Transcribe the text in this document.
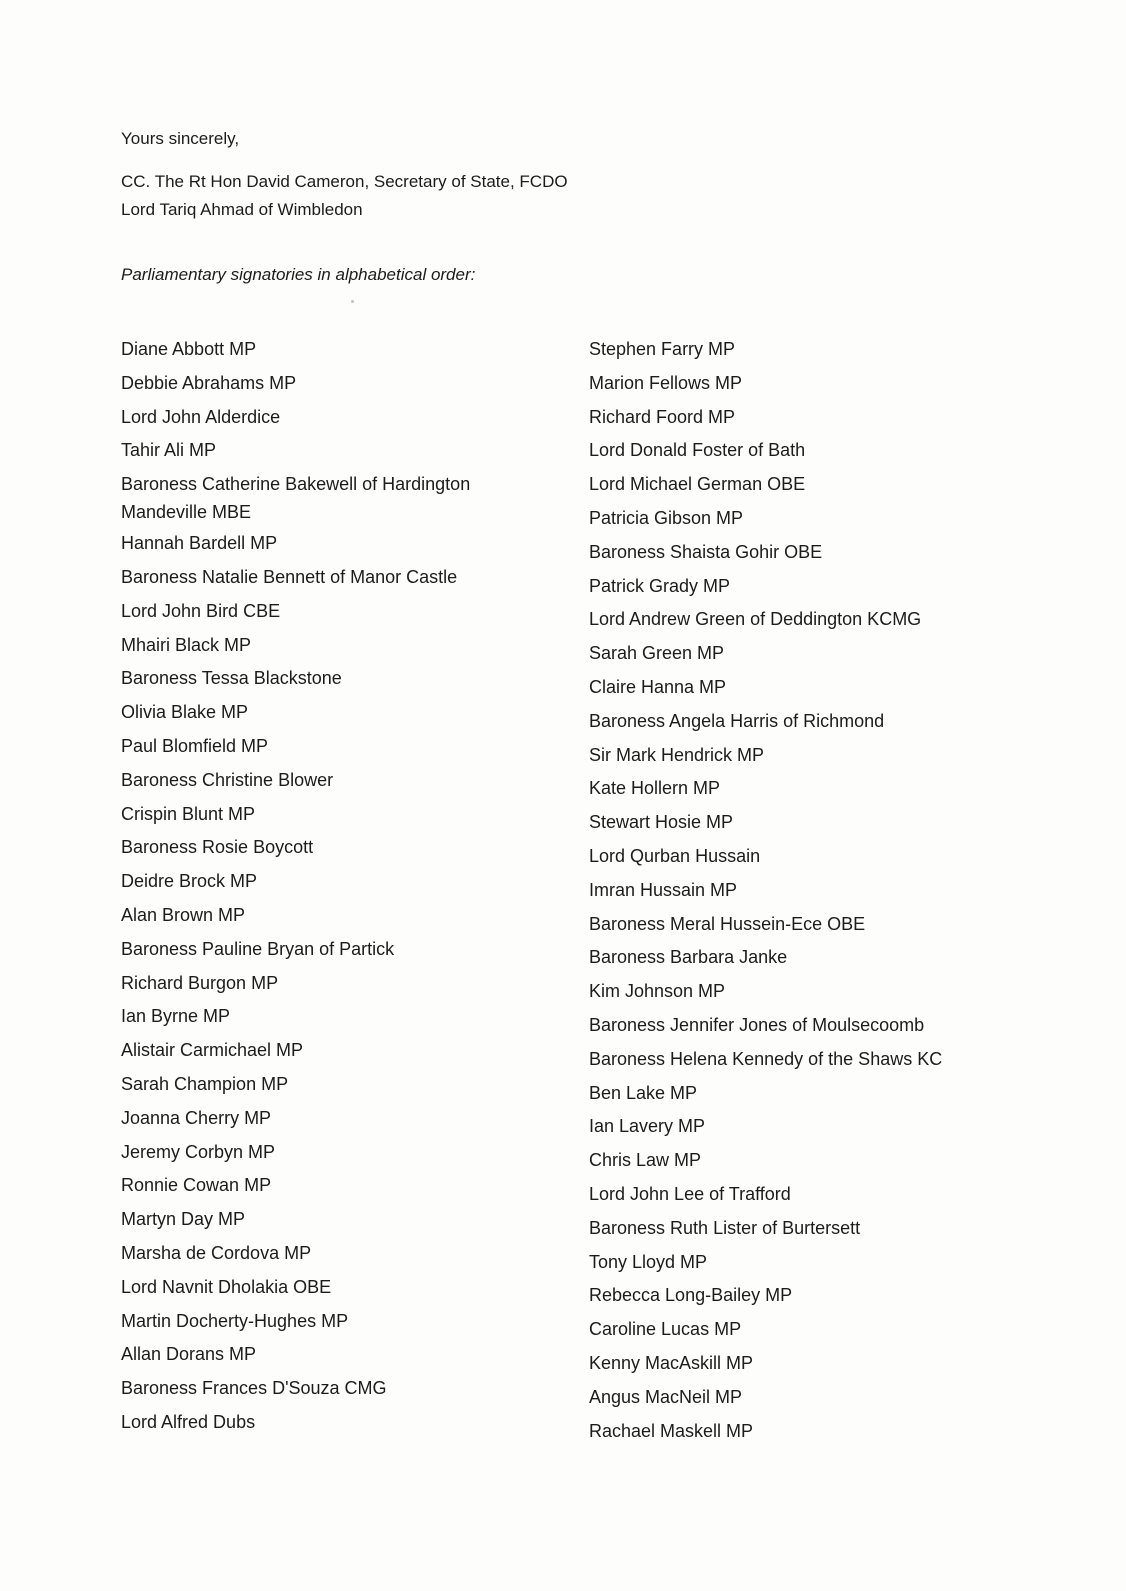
Yours sincerely,
CC. The Rt Hon David Cameron, Secretary of State, FCDO
Lord Tariq Ahmad of Wimbledon
Parliamentary signatories in alphabetical order:
Diane Abbott MP
Debbie Abrahams MP
Lord John Alderdice
Tahir Ali MP
Baroness Catherine Bakewell of Hardington Mandeville MBE
Hannah Bardell MP
Baroness Natalie Bennett of Manor Castle
Lord John Bird CBE
Mhairi Black MP
Baroness Tessa Blackstone
Olivia Blake MP
Paul Blomfield MP
Baroness Christine Blower
Crispin Blunt MP
Baroness Rosie Boycott
Deidre Brock MP
Alan Brown MP
Baroness Pauline Bryan of Partick
Richard Burgon MP
Ian Byrne MP
Alistair Carmichael MP
Sarah Champion MP
Joanna Cherry MP
Jeremy Corbyn MP
Ronnie Cowan MP
Martyn Day MP
Marsha de Cordova MP
Lord Navnit Dholakia OBE
Martin Docherty-Hughes MP
Allan Dorans MP
Baroness Frances D'Souza CMG
Lord Alfred Dubs
Stephen Farry MP
Marion Fellows MP
Richard Foord MP
Lord Donald Foster of Bath
Lord Michael German OBE
Patricia Gibson MP
Baroness Shaista Gohir OBE
Patrick Grady MP
Lord Andrew Green of Deddington KCMG
Sarah Green MP
Claire Hanna MP
Baroness Angela Harris of Richmond
Sir Mark Hendrick MP
Kate Hollern MP
Stewart Hosie MP
Lord Qurban Hussain
Imran Hussain MP
Baroness Meral Hussein-Ece OBE
Baroness Barbara Janke
Kim Johnson MP
Baroness Jennifer Jones of Moulsecoomb
Baroness Helena Kennedy of the Shaws KC
Ben Lake MP
Ian Lavery MP
Chris Law MP
Lord John Lee of Trafford
Baroness Ruth Lister of Burtersett
Tony Lloyd MP
Rebecca Long-Bailey MP
Caroline Lucas MP
Kenny MacAskill MP
Angus MacNeil MP
Rachael Maskell MP
